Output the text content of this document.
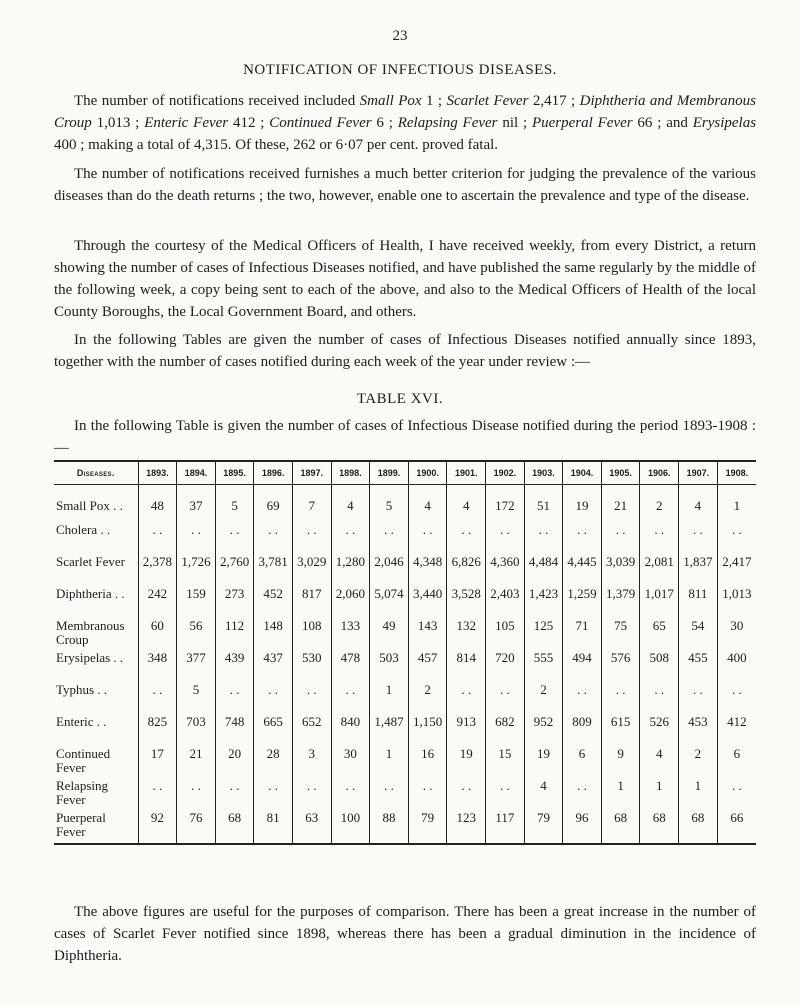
23
NOTIFICATION OF INFECTIOUS DISEASES.

The number of notifications received included Small Pox 1 ; Scarlet Fever 2,417 ; Diphtheria and Membranous Croup 1,013 ; Enteric Fever 412 ; Continued Fever 6 ; Relapsing Fever nil ; Puerperal Fever 66 ; and Erysipelas 400 ; making a total of 4,315. Of these, 262 or 6·07 per cent. proved fatal.

The number of notifications received furnishes a much better criterion for judging the prevalence of the various diseases than do the death returns ; the two, however, enable one to ascertain the prevalence and type of the disease.

Through the courtesy of the Medical Officers of Health, I have received weekly, from every District, a return showing the number of cases of Infectious Diseases notified, and have published the same regularly by the middle of the following week, a copy being sent to each of the above, and also to the Medical Officers of Health of the local County Boroughs, the Local Government Board, and others.

In the following Tables are given the number of cases of Infectious Diseases notified annually since 1893, together with the number of cases notified during each week of the year under review :—

TABLE XVI.

In the following Table is given the number of cases of Infectious Disease notified during the period 1893-1908 :—

Diseases.	1893.	1894.	1895.	1896.	1897.	1898.	1899.	1900.	1901.	1902.	1903.	1904.	1905.	1906.	1907.	1908.
Small Pox . .	48	37	5	69	7	4	5	4	4	172	51	19	21	2	4	1
Cholera . .	. .	. .	. .	. .	. .	. .	. .	. .	. .	. .	. .	. .	. .	. .	. .	. .
Scarlet Fever	2,378	1,726	2,760	3,781	3,029	1,280	2,046	4,348	6,826	4,360	4,484	4,445	3,039	2,081	1,837	2,417
Diphtheria . .	242	159	273	452	817	2,060	5,074	3,440	3,528	2,403	1,423	1,259	1,379	1,017	811	1,013
Membranous
Croup	60	56	112	148	108	133	49	143	132	105	125	71	75	65	54	30
Erysipelas . .	348	377	439	437	530	478	503	457	814	720	555	494	576	508	455	400
Typhus . .	. .	5	. .	. .	. .	. .	1	2	. .	. .	2	. .	. .	. .	. .	. .
Enteric . .	825	703	748	665	652	840	1,487	1,150	913	682	952	809	615	526	453	412
Continued
Fever	17	21	20	28	3	30	1	16	19	15	19	6	9	4	2	6
Relapsing
Fever	. .	. .	. .	. .	. .	. .	. .	. .	. .	. .	4	. .	1	1	1	. .
Puerperal
Fever	92	76	68	81	63	100	88	79	123	117	79	96	68	68	68	66

The above figures are useful for the purposes of comparison. There has been a great increase in the number of cases of Scarlet Fever notified since 1898, whereas there has been a gradual diminution in the incidence of Diphtheria.
